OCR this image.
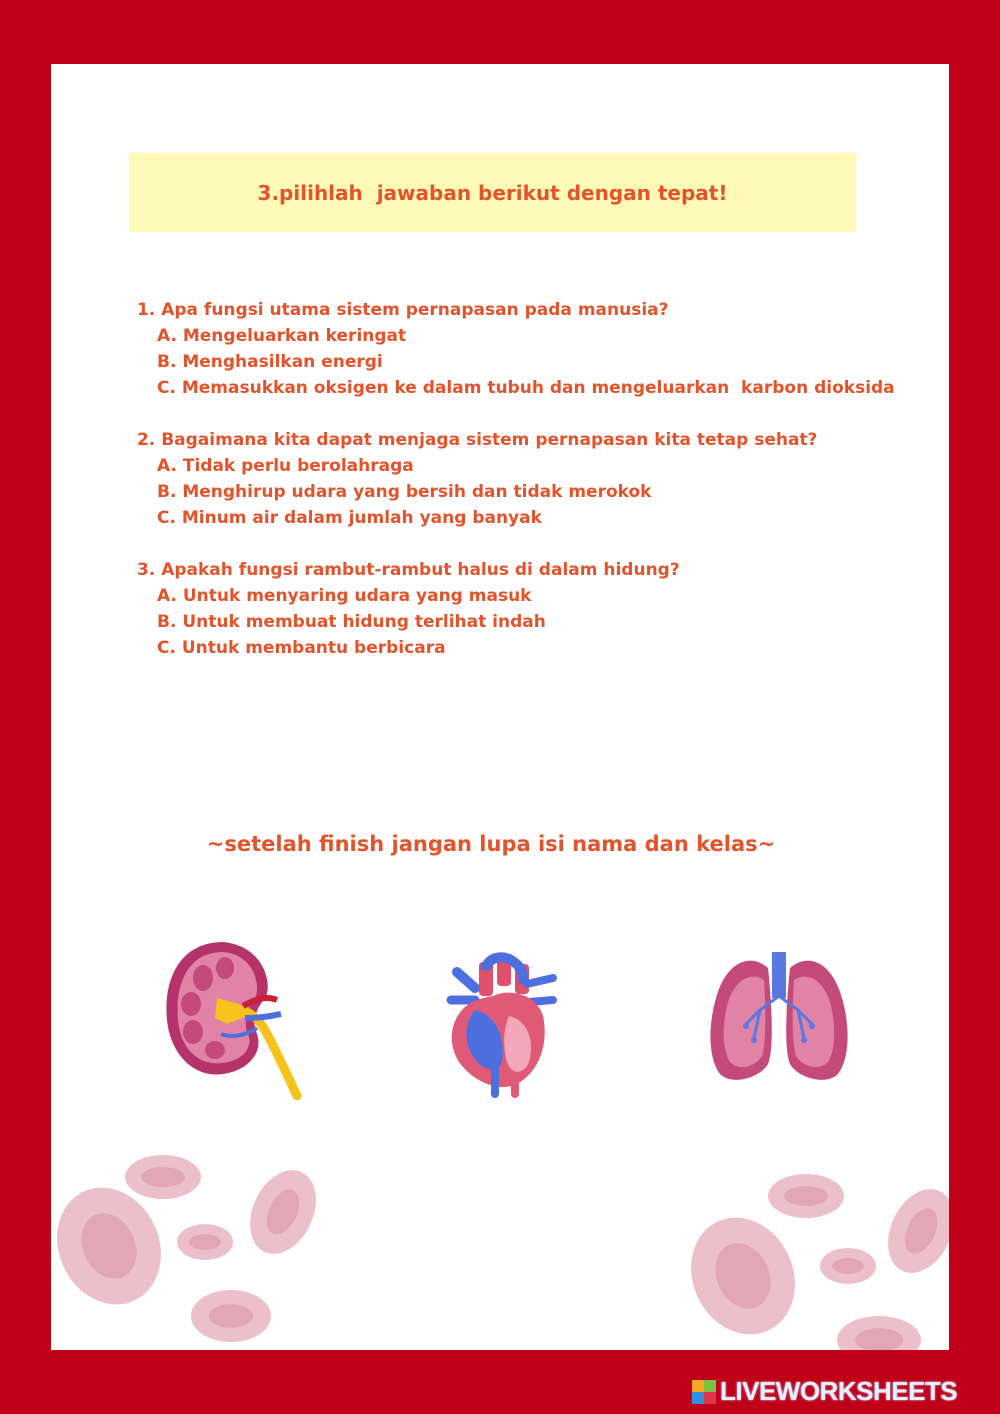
3.pilihlah  jawaban berikut dengan tepat!
1. Apa fungsi utama sistem pernapasan pada manusia?
A. Mengeluarkan keringat
B. Menghasilkan energi
C. Memasukkan oksigen ke dalam tubuh dan mengeluarkan  karbon dioksida
2. Bagaimana kita dapat menjaga sistem pernapasan kita tetap sehat?
A. Tidak perlu berolahraga
B. Menghirup udara yang bersih dan tidak merokok
C. Minum air dalam jumlah yang banyak
3. Apakah fungsi rambut-rambut halus di dalam hidung?
A. Untuk menyaring udara yang masuk
B. Untuk membuat hidung terlihat indah
C. Untuk membantu berbicara
~setelah finish jangan lupa isi nama dan kelas~
LIVEWORKSHEETS
